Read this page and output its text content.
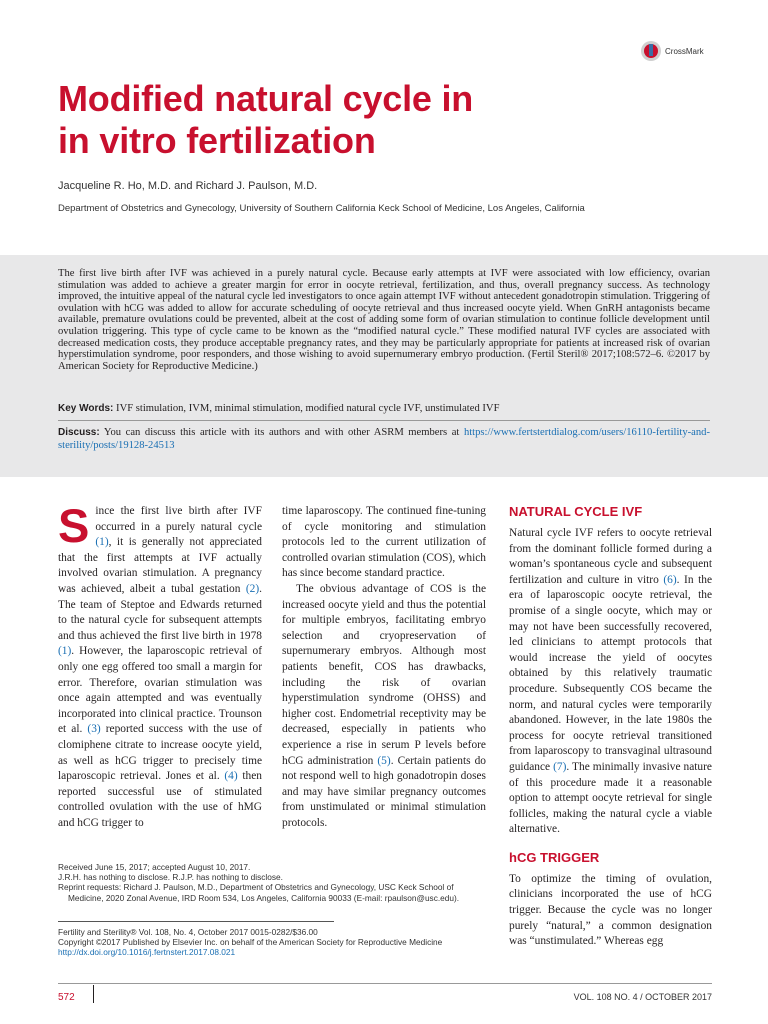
CrossMark
Modified natural cycle in
in vitro fertilization
Jacqueline R. Ho, M.D. and Richard J. Paulson, M.D.
Department of Obstetrics and Gynecology, University of Southern California Keck School of Medicine, Los Angeles, California
The first live birth after IVF was achieved in a purely natural cycle. Because early attempts at IVF were associated with low efficiency, ovarian stimulation was added to achieve a greater margin for error in oocyte retrieval, fertilization, and thus, overall pregnancy success. As technology improved, the intuitive appeal of the natural cycle led investigators to once again attempt IVF without antecedent gonadotropin stimulation. Triggering of ovulation with hCG was added to allow for accurate scheduling of oocyte retrieval and thus increased oocyte yield. When GnRH antagonists became available, premature ovulations could be prevented, albeit at the cost of adding some form of ovarian stimulation to continue follicle development until ovulation triggering. This type of cycle came to be known as the “modified natural cycle.” These modified natural IVF cycles are associated with decreased medication costs, they produce acceptable pregnancy rates, and they may be particularly appropriate for patients at increased risk of ovarian hyperstimulation syndrome, poor responders, and those wishing to avoid supernumerary embryo production. (Fertil Steril® 2017;108:572–6. ©2017 by American Society for Reproductive Medicine.)
Key Words: IVF stimulation, IVM, minimal stimulation, modified natural cycle IVF, unstimulated IVF
Discuss: You can discuss this article with its authors and with other ASRM members at https://www.fertstertdialog.com/users/16110-fertility-and-sterility/posts/19128-24513

Since the first live birth after IVF occurred in a purely natural cycle (1), it is generally not appreciated that the first attempts at IVF actually involved ovarian stimulation. A pregnancy was achieved, albeit a tubal gestation (2). The team of Steptoe and Edwards returned to the natural cycle for subsequent attempts and thus achieved the first live birth in 1978 (1). However, the laparoscopic retrieval of only one egg offered too small a margin for error. Therefore, ovarian stimulation was once again attempted and was eventually incorporated into clinical practice. Trounson et al. (3) reported success with the use of clomiphene citrate to increase oocyte yield, as well as hCG trigger to precisely time laparoscopic retrieval. Jones et al. (4) then reported successful use of stimulated controlled ovulation with the use of hMG and hCG trigger to

time laparoscopy. The continued fine-tuning of cycle monitoring and stimulation protocols led to the current utilization of controlled ovarian stimulation (COS), which has since become standard practice.

The obvious advantage of COS is the increased oocyte yield and thus the potential for multiple embryos, facilitating embryo selection and cryopreservation of supernumerary embryos. Although most patients benefit, COS has drawbacks, including the risk of ovarian hyperstimulation syndrome (OHSS) and higher cost. Endometrial receptivity may be decreased, especially in patients who experience a rise in serum P levels before hCG administration (5). Certain patients do not respond well to high gonadotropin doses and may have similar pregnancy outcomes from unstimulated or minimal stimulation protocols.

NATURAL CYCLE IVF

Natural cycle IVF refers to oocyte retrieval from the dominant follicle formed during a woman’s spontaneous cycle and subsequent fertilization and culture in vitro (6). In the era of laparoscopic oocyte retrieval, the promise of a single oocyte, which may or may not have been successfully recovered, led clinicians to attempt protocols that would increase the yield of oocytes obtained by this relatively traumatic procedure. Subsequently COS became the norm, and natural cycles were temporarily abandoned. However, in the late 1980s the process for oocyte retrieval transitioned from laparoscopy to transvaginal ultrasound guidance (7). The minimally invasive nature of this procedure made it a reasonable option to attempt oocyte retrieval for single follicles, making the natural cycle a viable alternative.

hCG TRIGGER

To optimize the timing of ovulation, clinicians incorporated the use of hCG trigger. Because the cycle was no longer purely “natural,” a common designation was “unstimulated.” Whereas egg

Received June 15, 2017; accepted August 10, 2017.

J.R.H. has nothing to disclose. R.J.P. has nothing to disclose.

Reprint requests: Richard J. Paulson, M.D., Department of Obstetrics and Gynecology, USC Keck School of Medicine, 2020 Zonal Avenue, IRD Room 534, Los Angeles, California 90033 (E-mail: rpaulson@usc.edu).

Fertility and Sterility® Vol. 108, No. 4, October 2017 0015-0282/$36.00

Copyright ©2017 Published by Elsevier Inc. on behalf of the American Society for Reproductive Medicine

http://dx.doi.org/10.1016/j.fertnstert.2017.08.021

572	VOL. 108 NO. 4 / OCTOBER 2017
